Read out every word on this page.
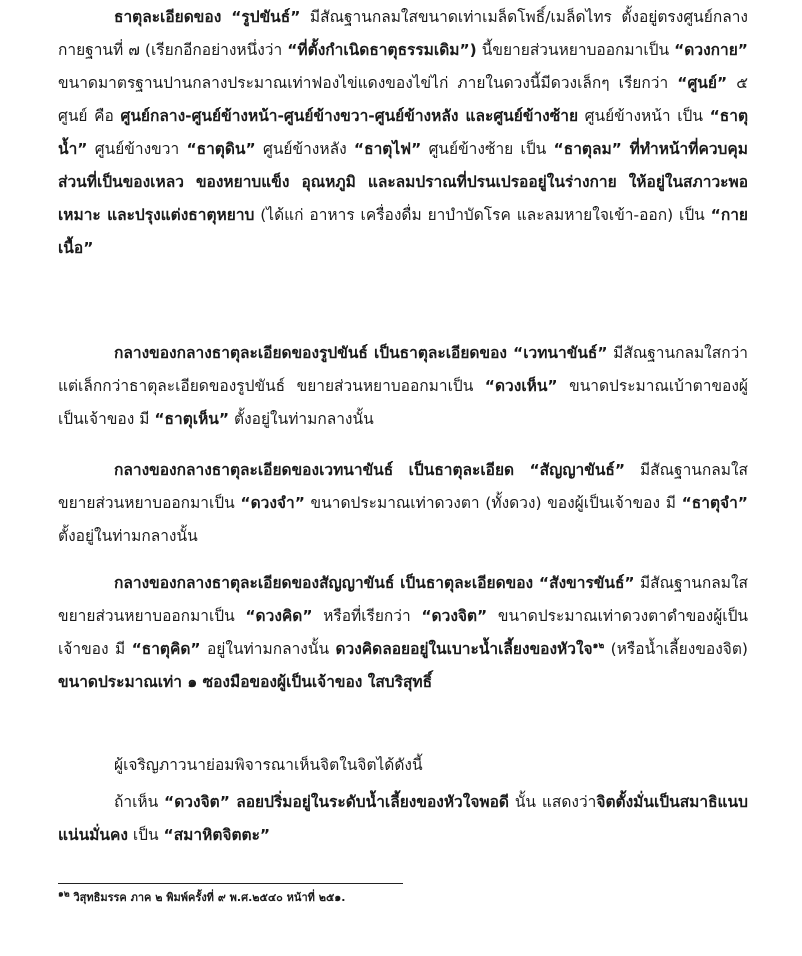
ธาตุละเอียดของ “รูปขันธ์” มีสัณฐานกลมใสขนาดเท่าเมล็ดโพธิ์/เมล็ดไทร ตั้งอยู่ตรงศูนย์กลางกายฐานที่ ๗ (เรียกอีกอย่างหนึ่งว่า “ที่ตั้งกำเนิดธาตุธรรมเดิม”) นี้ขยายส่วนหยาบออกมาเป็น “ดวงกาย” ขนาดมาตรฐานปานกลางประมาณเท่าฟองไข่แดงของไข่ไก่ ภายในดวงนี้มีดวงเล็กๆ เรียกว่า “ศูนย์” ๕ ศูนย์ คือ ศูนย์กลาง-ศูนย์ข้างหน้า-ศูนย์ข้างขวา-ศูนย์ข้างหลัง และศูนย์ข้างซ้าย ศูนย์ข้างหน้า เป็น “ธาตุน้ำ” ศูนย์ข้างขวา “ธาตุดิน” ศูนย์ข้างหลัง “ธาตุไฟ” ศูนย์ข้างซ้าย เป็น “ธาตุลม” ที่ทำหน้าที่ควบคุมส่วนที่เป็นของเหลว ของหยาบแข็ง อุณหภูมิ และลมปราณที่ปรนเปรออยู่ในร่างกาย ให้อยู่ในสภาวะพอเหมาะ และปรุงแต่งธาตุหยาบ (ได้แก่ อาหาร เครื่องดื่ม ยาบำบัดโรค และลมหายใจเข้า-ออก) เป็น “กายเนื้อ”

กลางของกลางธาตุละเอียดของรูปขันธ์ เป็นธาตุละเอียดของ “เวทนาขันธ์” มีสัณฐานกลมใสกว่า แต่เล็กกว่าธาตุละเอียดของรูปขันธ์ ขยายส่วนหยาบออกมาเป็น “ดวงเห็น” ขนาดประมาณเบ้าตาของผู้เป็นเจ้าของ มี “ธาตุเห็น” ตั้งอยู่ในท่ามกลางนั้น

กลางของกลางธาตุละเอียดของเวทนาขันธ์ เป็นธาตุละเอียด “สัญญาขันธ์” มีสัณฐานกลมใส ขยายส่วนหยาบออกมาเป็น “ดวงจำ” ขนาดประมาณเท่าดวงตา (ทั้งดวง) ของผู้เป็นเจ้าของ มี “ธาตุจำ” ตั้งอยู่ในท่ามกลางนั้น

กลางของกลางธาตุละเอียดของสัญญาขันธ์ เป็นธาตุละเอียดของ “สังขารขันธ์” มีสัณฐานกลมใส ขยายส่วนหยาบออกมาเป็น “ดวงคิด” หรือที่เรียกว่า “ดวงจิต” ขนาดประมาณเท่าดวงตาดำของผู้เป็นเจ้าของ มี “ธาตุคิด” อยู่ในท่ามกลางนั้น ดวงคิดลอยอยู่ในเบาะน้ำเลี้ยงของหัวใจ$^{๑๒}$ (หรือน้ำเลี้ยงของจิต) ขนาดประมาณเท่า ๑ ซองมือของผู้เป็นเจ้าของ ใสบริสุทธิ์

ผู้เจริญภาวนาย่อมพิจารณาเห็นจิตในจิตได้ดังนี้

ถ้าเห็น “ดวงจิต” ลอยปริ่มอยู่ในระดับน้ำเลี้ยงของหัวใจพอดี นั้น แสดงว่าจิตตั้งมั่นเป็นสมาธิแนบแน่นมั่นคง เป็น “สมาหิตจิตตะ”

$^{๑๒}$ วิสุทธิมรรค ภาค ๒ พิมพ์ครั้งที่ ๙ พ.ศ.๒๕๔๐ หน้าที่ ๒๕๑.
